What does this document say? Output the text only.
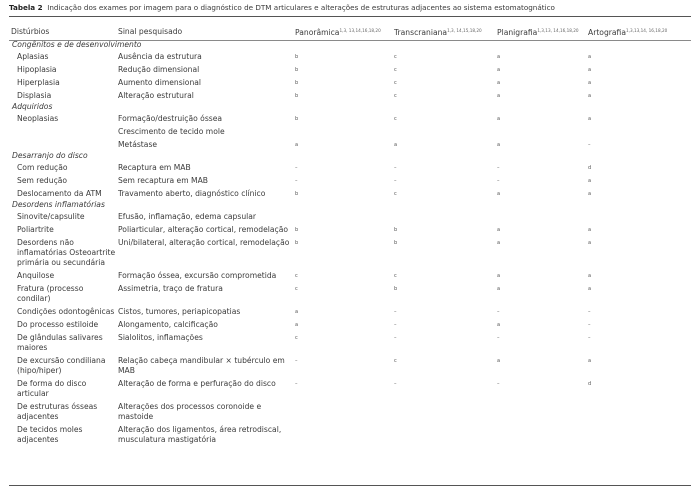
Tabela 2 Indicação dos exames por imagem para o diagnóstico de DTM articulares e alterações de estruturas adjacentes ao sistema estomatognático
Distúrbios	Sinal pesquisado	Panorâmica$^{1,3, 13,14,16,18,20}$	Transcraniana$^{1,3, 14,15,18,20}$	Planigrafia$^{1,3,13, 14,16,18,20}$	Artografia$^{1,3,13,14, 16,18,20}$
Congênitos e de desenvolvimento					
Aplasias	Ausência da estrutura	b	c	a	a
Hipoplasia	Redução dimensional	b	c	a	a
Hiperplasia	Aumento dimensional	b	c	a	a
Displasia	Alteração estrutural	b	c	a	a
Adquiridos					
Neoplasias	Formação/destruição óssea	b	c	a	a
	Crescimento de tecido mole				
	Metástase	a	a	a	–
Desarranjo do disco					
Com redução	Recaptura em MAB	–	–	–	d
Sem redução	Sem recaptura em MAB	–	–	–	a
Deslocamento da ATM	Travamento aberto, diagnóstico clínico	b	c	a	a
Desordens inflamatórias					
Sinovite/capsulite	Efusão, inflamação, edema capsular				
Poliartrite	Poliarticular, alteração cortical, remodelação	b	b	a	a
Desordens não inflamatórias Osteoartrite primária ou secundária	Uni/bilateral, alteração cortical, remodelação	b	b	a	a
Anquilose	Formação óssea, excursão comprometida	c	c	a	a
Fratura (processo condilar)	Assimetria, traço de fratura	c	b	a	a
Condições odontogênicas	Cistos, tumores, periapicopatias	a	–	–	–
Do processo estiloide	Alongamento, calcificação	a	–	a	–
De glândulas salivares maiores	Sialolitos, inflamações	c	–	–	–
De excursão condiliana (hipo/hiper)	Relação cabeça mandibular × tubérculo em MAB	–	c	a	a
De forma do disco articular	Alteração de forma e perfuração do disco	–	–	–	d
De estruturas ósseas adjacentes	Alterações dos processos coronoide e mastoide				
De tecidos moles adjacentes	Alteração dos ligamentos, área retrodiscal, musculatura mastigatória				
